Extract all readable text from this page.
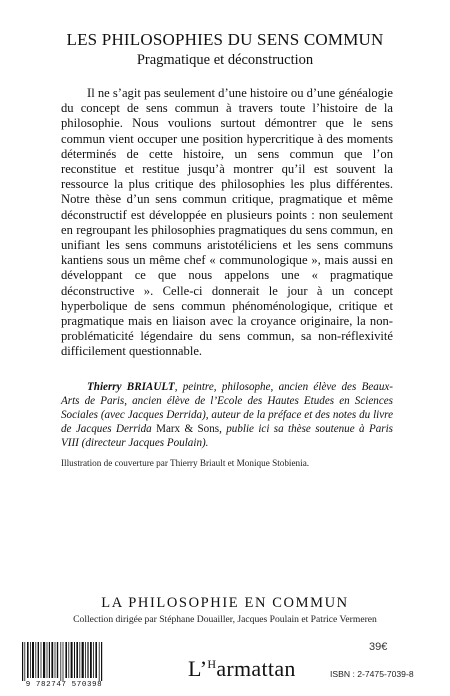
LES PHILOSOPHIES DU SENS COMMUN
Pragmatique et déconstruction

Il ne s’agit pas seulement d’une histoire ou d’une généalogie du concept de sens commun à travers toute l’histoire de la philosophie. Nous voulions surtout démontrer que le sens commun vient occuper une position hypercritique à des moments déterminés de cette histoire, un sens commun que l’on reconstitue et restitue jusqu’à montrer qu’il est souvent la ressource la plus critique des philosophies les plus différentes. Notre thèse d’un sens commun critique, pragmatique et même déconstructif est développée en plusieurs points : non seulement en regroupant les philosophies pragmatiques du sens commun, en unifiant les sens communs aristotéliciens et les sens communs kantiens sous un même chef « communologique », mais aussi en développant ce que nous appelons une « pragmatique déconstructive ». Celle-ci donnerait le jour à un concept hyperbolique de sens commun phénoménologique, critique et pragmatique mais en liaison avec la croyance originaire, la non-problématicité légendaire du sens commun, sa non-réflexivité difficilement questionnable.

Thierry BRIAULT, peintre, philosophe, ancien élève des Beaux-Arts de Paris, ancien élève de l’Ecole des Hautes Etudes en Sciences Sociales (avec Jacques Derrida), auteur de la préface et des notes du livre de Jacques Derrida Marx & Sons, publie ici sa thèse soutenue à Paris VIII (directeur Jacques Poulain).

Illustration de couverture par Thierry Briault et Monique Stobienia.
LA PHILOSOPHIE EN COMMUN
Collection dirigée par Stéphane Douailler, Jacques Poulain et Patrice Vermeren
39€
9 782747 570398
L’$^H$armattan	ISBN : 2-7475-7039-8
